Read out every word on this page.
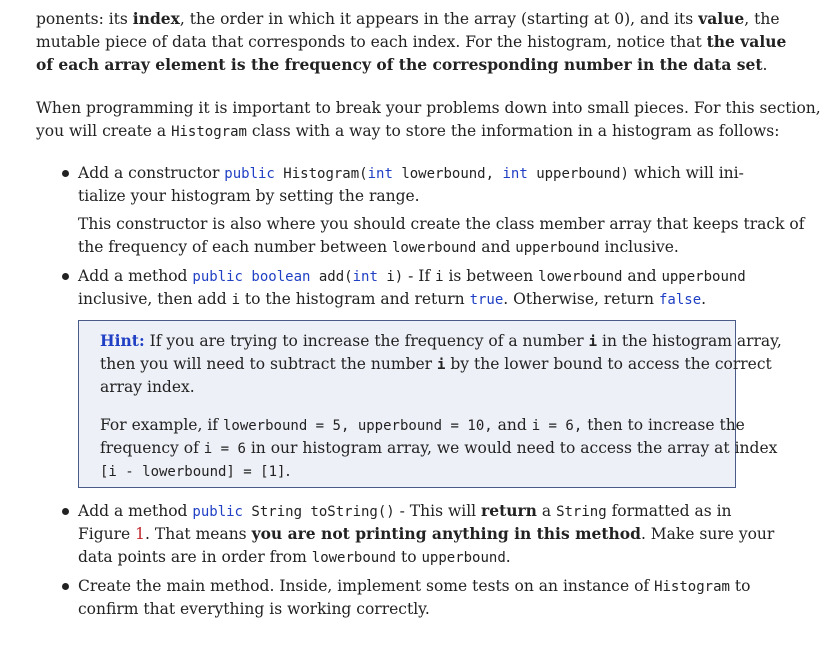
ponents: its index, the order in which it appears in the array (starting at 0), and its value, the
mutable piece of data that corresponds to each index. For the histogram, notice that the value
of each array element is the frequency of the corresponding number in the data set.
When programming it is important to break your problems down into small pieces. For this section,
you will create a Histogram class with a way to store the information in a histogram as follows:
Add a constructor public Histogram(int lowerbound, int upperbound) which will ini-
tialize your histogram by setting the range.
This constructor is also where you should create the class member array that keeps track of
the frequency of each number between lowerbound and upperbound inclusive.
Add a method public boolean add(int i) - If i is between lowerbound and upperbound
inclusive, then add i to the histogram and return true. Otherwise, return false.
Hint: If you are trying to increase the frequency of a number i in the histogram array,
then you will need to subtract the number i by the lower bound to access the correct
array index.
For example, if lowerbound = 5, upperbound = 10, and i = 6, then to increase the
frequency of i = 6 in our histogram array, we would need to access the array at index
[i - lowerbound] = [1].
Add a method public String toString() - This will return a String formatted as in
Figure 1. That means you are not printing anything in this method. Make sure your
data points are in order from lowerbound to upperbound.
Create the main method. Inside, implement some tests on an instance of Histogram to
confirm that everything is working correctly.
